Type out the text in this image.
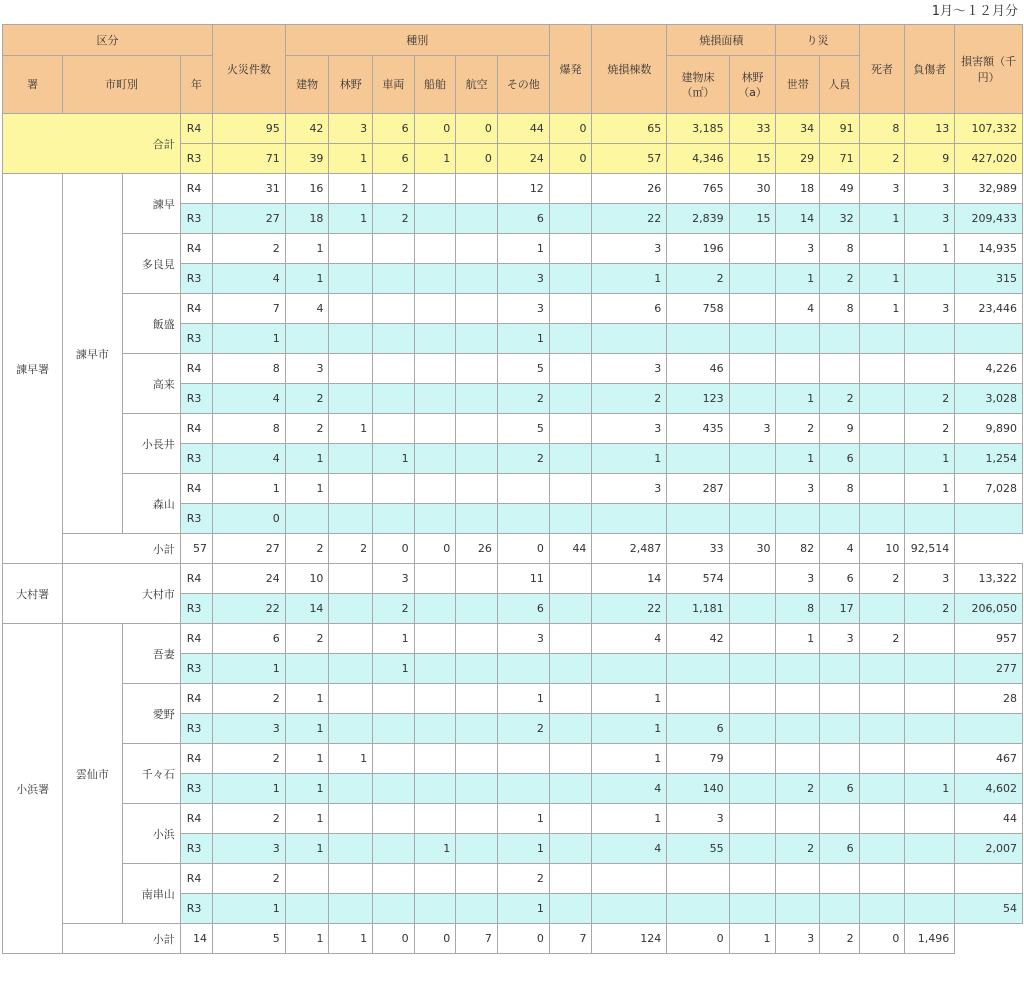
1月～１２月分
区分				火災件数	種別						爆発	焼損棟数	焼損面積		り災		死者	負傷者	損害額（千円）
署	市町別		年		建物	林野	車両	船舶	航空	その他			建物床（㎡）	林野（a）	世帯	人員			
合計			R4	95	42	3	6	0	0	44	0	65	3,185	33	34	91	8	13	107,332
			R3	71	39	1	6	1	0	24	0	57	4,346	15	29	71	2	9	427,020
諫早署	諫早市	諫早	R4	31	16	1	2			12		26	765	30	18	49	3	3	32,989
			R3	27	18	1	2			6		22	2,839	15	14	32	1	3	209,433
		多良見	R4	2	1					1		3	196		3	8		1	14,935
			R3	4	1					3		1	2		1	2	1		315
		飯盛	R4	7	4					3		6	758		4	8	1	3	23,446
			R3	1						1									
		高来	R4	8	3					5		3	46						4,226
			R3	4	2					2		2	123		1	2		2	3,028
		小長井	R4	8	2	1				5		3	435	3	2	9		2	9,890
			R3	4	1		1			2		1			1	6		1	1,254
		森山	R4	1	1							3	287		3	8		1	7,028
			R3	0															
	小計		57	27	2	2	0	0	26	0	44	2,487	33	30	82	4	10	92,514	
大村署	大村市		R4	24	10		3			11		14	574		3	6	2	3	13,322
			R3	22	14		2			6		22	1,181		8	17		2	206,050
小浜署	雲仙市	吾妻	R4	6	2		1			3		4	42		1	3	2		957
			R3	1			1												277
		愛野	R4	2	1					1		1							28
			R3	3	1					2		1	6						
		千々石	R4	2	1	1						1	79						467
			R3	1	1							4	140		2	6		1	4,602
		小浜	R4	2	1					1		1	3						44
			R3	3	1			1		1		4	55		2	6			2,007
		南串山	R4	2						2									
			R3	1						1									54
	小計		14	5	1	1	0	0	7	0	7	124	0	1	3	2	0	1,496	
